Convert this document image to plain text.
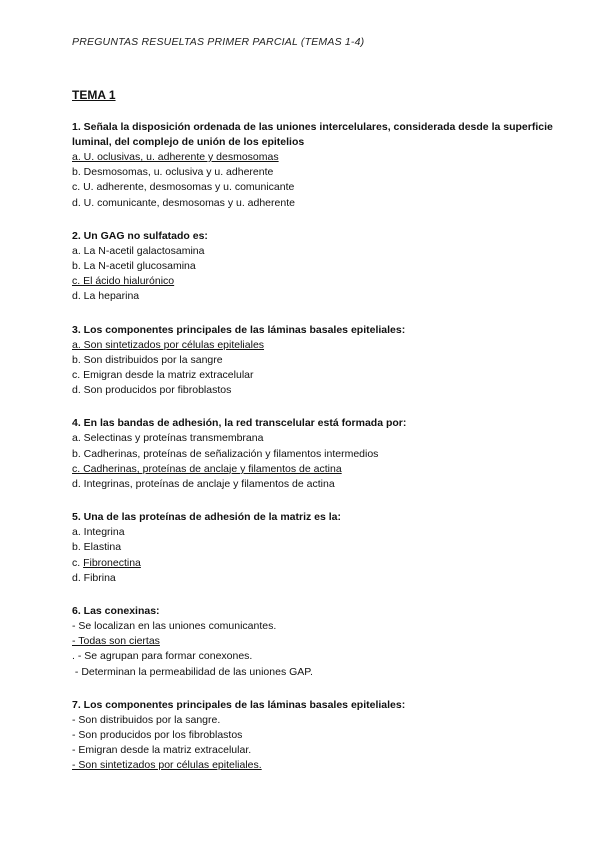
PREGUNTAS RESUELTAS PRIMER PARCIAL (TEMAS 1-4)
TEMA 1
1. Señala la disposición ordenada de las uniones intercelulares, considerada desde la superficie luminal, del complejo de unión de los epitelios
a. U. oclusivas, u. adherente y desmosomas
b. Desmosomas, u. oclusiva y u. adherente
c. U. adherente, desmosomas y u. comunicante
d. U. comunicante, desmosomas y u. adherente
2. Un GAG no sulfatado es:
a. La N-acetil galactosamina
b. La N-acetil glucosamina
c. El ácido hialurónico
d. La heparina
3. Los componentes principales de las láminas basales epiteliales:
a. Son sintetizados por células epiteliales
b. Son distribuidos por la sangre
c. Emigran desde la matriz extracelular
d. Son producidos por fibroblastos
4. En las bandas de adhesión, la red transcelular está formada por:
a. Selectinas y proteínas transmembrana
b. Cadherinas, proteínas de señalización y filamentos intermedios
c. Cadherinas, proteínas de anclaje y filamentos de actina
d. Integrinas, proteínas de anclaje y filamentos de actina
5. Una de las proteínas de adhesión de la matriz es la:
a. Integrina
b. Elastina
c. Fibronectina
d. Fibrina
6. Las conexinas:
- Se localizan en las uniones comunicantes.
- Todas son ciertas
. - Se agrupan para formar conexones.
- Determinan la permeabilidad de las uniones GAP.
7. Los componentes principales de las láminas basales epiteliales:
- Son distribuidos por la sangre.
- Son producidos por los fibroblastos
- Emigran desde la matriz extracelular.
- Son sintetizados por células epiteliales.
